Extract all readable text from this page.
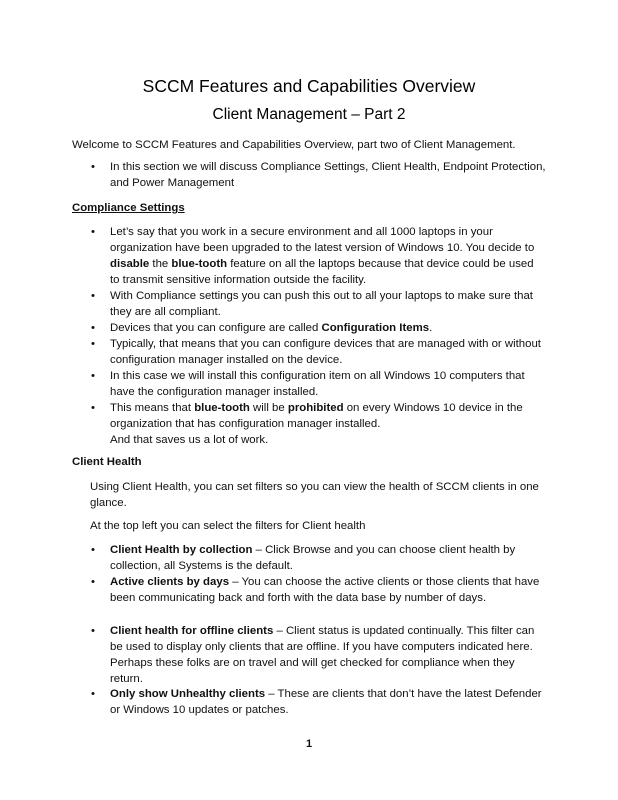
SCCM Features and Capabilities Overview
Client Management – Part 2

Welcome to SCCM Features and Capabilities Overview, part two of Client Management.

• In this section we will discuss Compliance Settings, Client Health, Endpoint Protection, and Power Management

Compliance Settings

• Let’s say that you work in a secure environment and all 1000 laptops in your organization have been upgraded to the latest version of Windows 10. You decide to disable the blue-tooth feature on all the laptops because that device could be used to transmit sensitive information outside the facility.
• With Compliance settings you can push this out to all your laptops to make sure that they are all compliant.
• Devices that you can configure are called Configuration Items.
• Typically, that means that you can configure devices that are managed with or without configuration manager installed on the device.
• In this case we will install this configuration item on all Windows 10 computers that have the configuration manager installed.
• This means that blue-tooth will be prohibited on every Windows 10 device in the organization that has configuration manager installed.
And that saves us a lot of work.

Client Health

Using Client Health, you can set filters so you can view the health of SCCM clients in one glance.

At the top left you can select the filters for Client health

• Client Health by collection – Click Browse and you can choose client health by collection, all Systems is the default.
• Active clients by days – You can choose the active clients or those clients that have been communicating back and forth with the data base by number of days.
• Client health for offline clients – Client status is updated continually. This filter can be used to display only clients that are offline. If you have computers indicated here. Perhaps these folks are on travel and will get checked for compliance when they return.
• Only show Unhealthy clients – These are clients that don’t have the latest Defender or Windows 10 updates or patches.
1
